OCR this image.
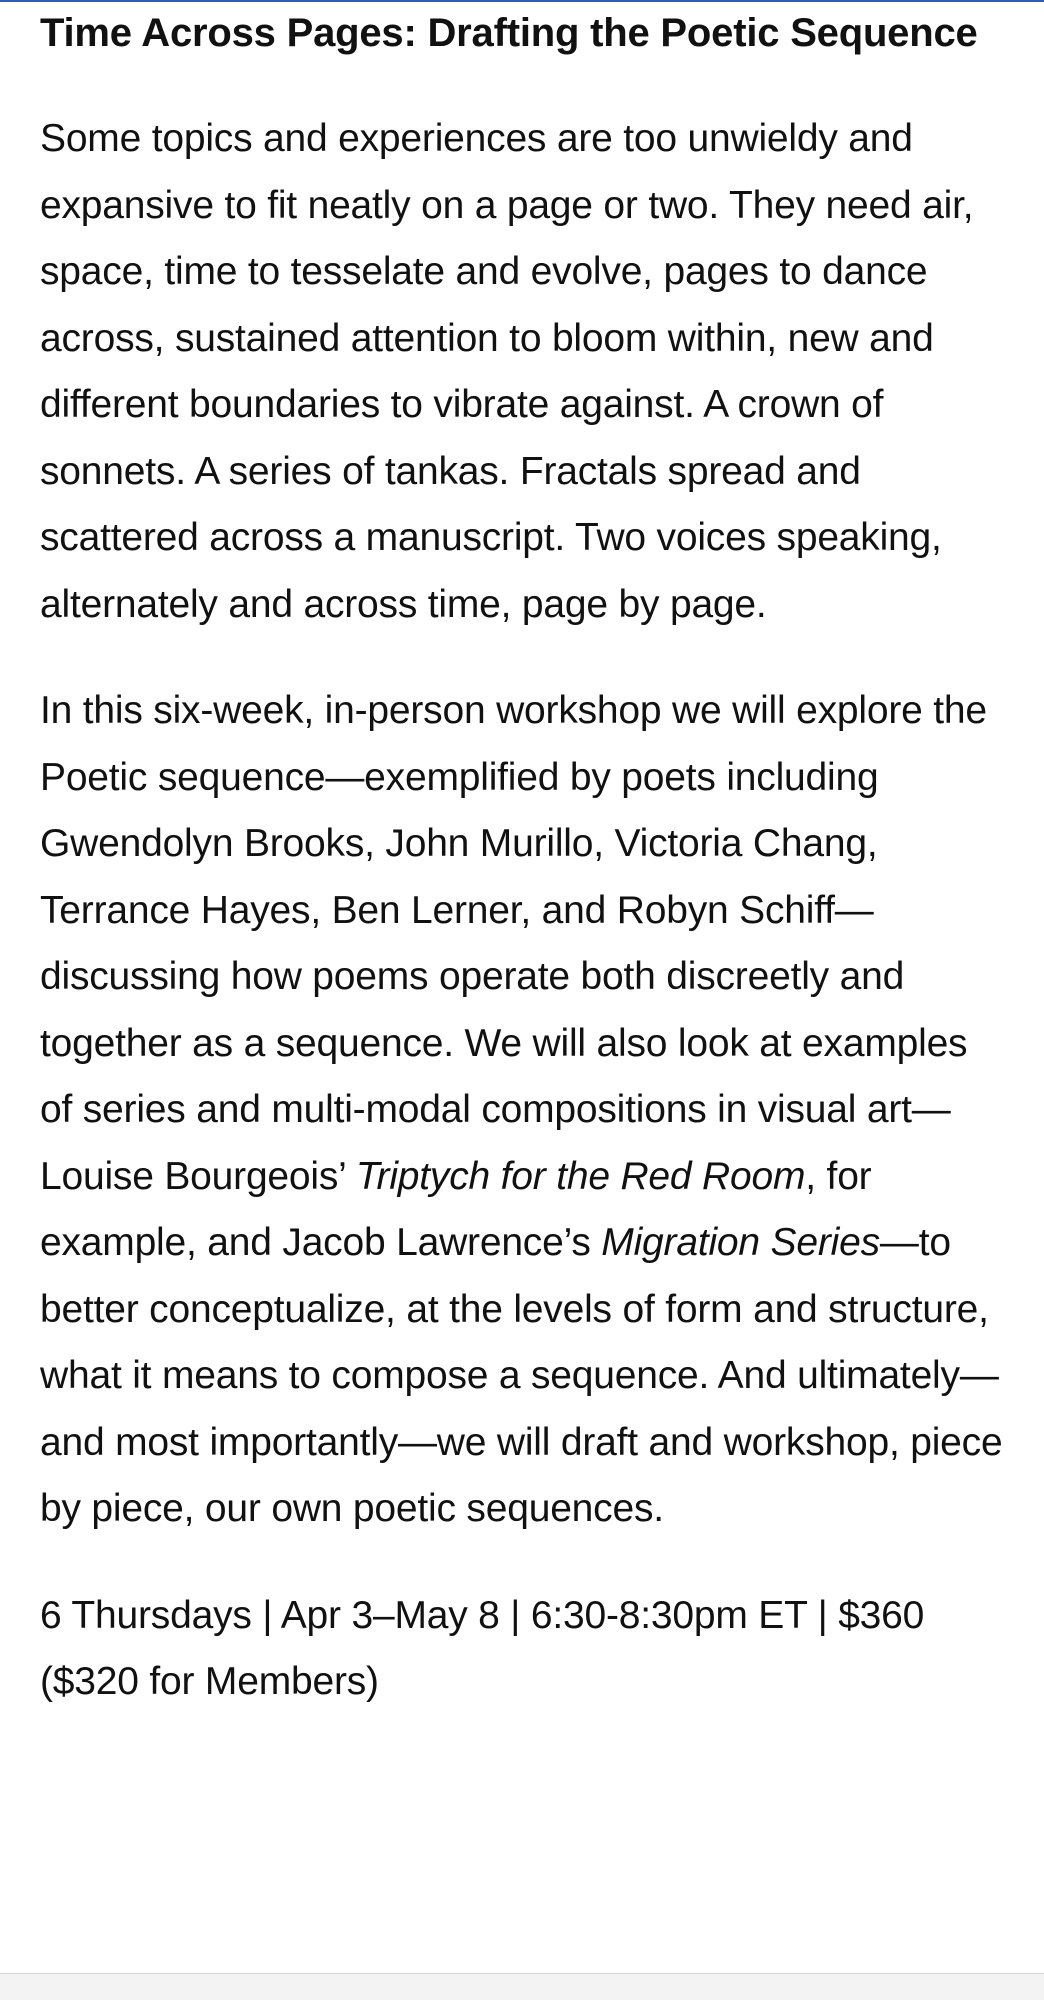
Time Across Pages: Drafting the Poetic Sequence

Some topics and experiences are too unwieldy and expansive to fit neatly on a page or two. They need air, space, time to tesselate and evolve, pages to dance across, sustained attention to bloom within, new and different boundaries to vibrate against. A crown of sonnets. A series of tankas. Fractals spread and scattered across a manuscript. Two voices speaking, alternately and across time, page by page.

In this six-week, in-person workshop we will explore the Poetic sequence—exemplified by poets including Gwendolyn Brooks, John Murillo, Victoria Chang, Terrance Hayes, Ben Lerner, and Robyn Schiff—discussing how poems operate both discreetly and together as a sequence. We will also look at examples of series and multi-modal compositions in visual art—Louise Bourgeois’ Triptych for the Red Room, for example, and Jacob Lawrence’s Migration Series—to better conceptualize, at the levels of form and structure, what it means to compose a sequence. And ultimately—and most importantly—we will draft and workshop, piece by piece, our own poetic sequences.

6 Thursdays | Apr 3–May 8 | 6:30-8:30pm ET | $360 ($320 for Members)
